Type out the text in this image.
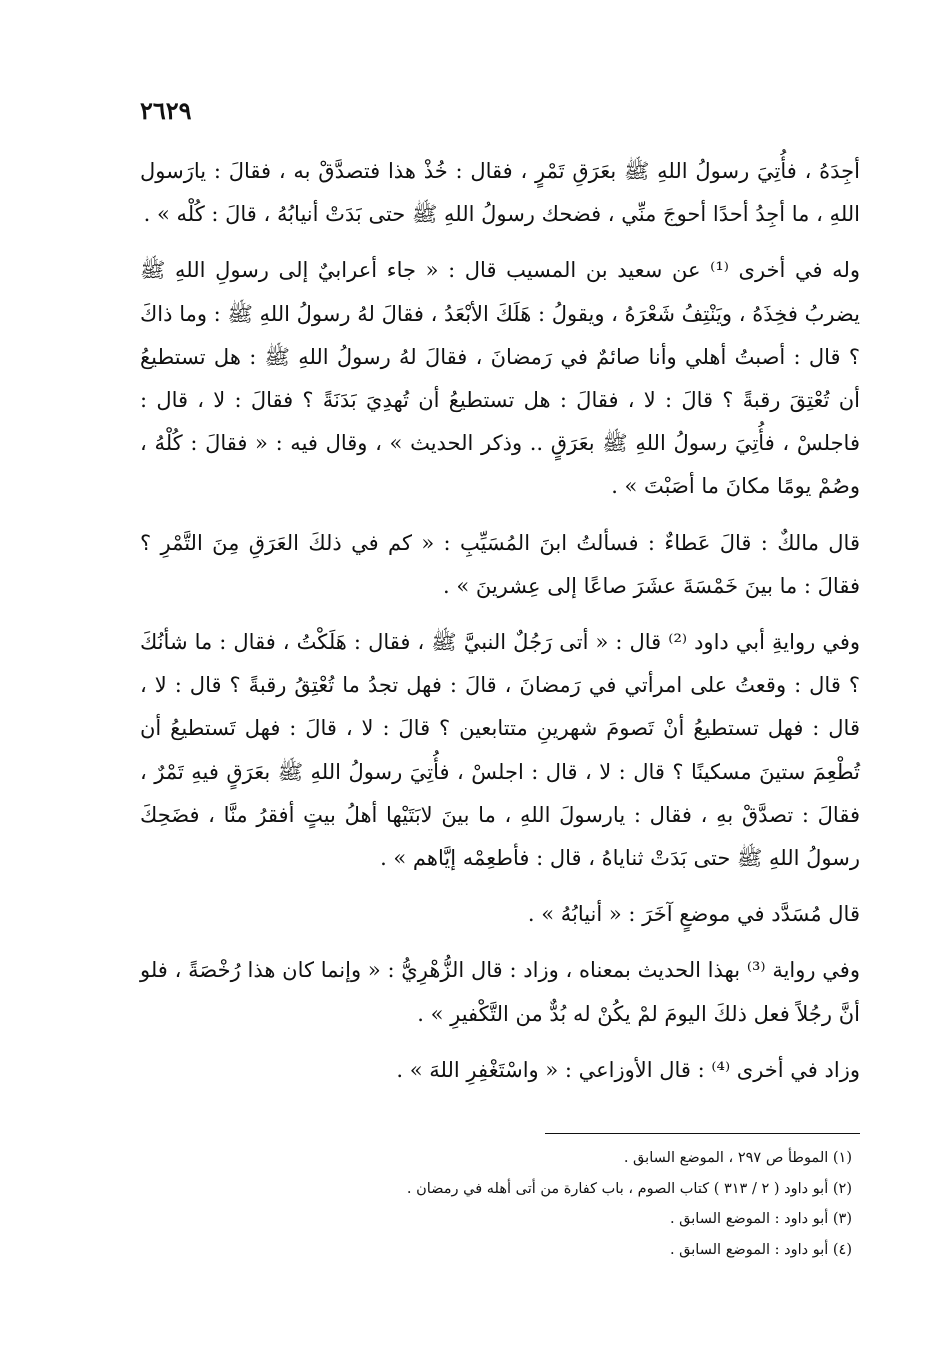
٢٦٢٩

أجِدَهُ ، فأُتِيَ رسولُ اللهِ ﷺ بعَرَقِ تَمْرٍ ، فقال : خُذْ هذا فتصدَّقْ به ، فقالَ : يارَسول اللهِ ، ما أجِدُ أحدًا أحوجَ منِّي ، فضحك رسولُ اللهِ ﷺ حتى بَدَتْ أنيابُهُ ، قالَ : كُلْه » .

وله في أخرى ⁽¹⁾ عن سعيد بن المسيب قال : « جاء أعرابيٌ إلى رسولِ اللهِ ﷺ يضربُ فخِذَهُ ، ويَنْتِفُ شَعْرَهُ ، ويقولُ : هَلَكَ الأبْعَدُ ، فقالَ لهُ رسولُ اللهِ ﷺ : وما ذاكَ ؟ قال : أصبتُ أهلي وأنا صائمٌ في رَمضانَ ، فقالَ لهُ رسولُ اللهِ ﷺ : هل تستطيعُ أن تُعْتِقَ رقبةً ؟ قالَ : لا ، فقالَ : هل تستطيعُ أن تُهدِيَ بَدَنَةً ؟ فقالَ : لا ، قال : فاجلسْ ، فأُتِيَ رسولُ اللهِ ﷺ بعَرَقٍ .. وذكر الحديث » ، وقال فيه : « فقالَ : كُلْهُ ، وصُمْ يومًا مكانَ ما أصَبْتَ » .

قال مالكٌ : قالَ عَطاءٌ : فسألتُ ابنَ المُسَيِّبِ : « كم في ذلكَ العَرَقِ مِنَ التَّمْرِ ؟ فقالَ : ما بينَ خَمْسَةَ عشَرَ صاعًا إلى عِشرينَ » .

وفي روايةِ أبي داود ⁽²⁾ قال : « أتى رَجُلٌ النبيَّ ﷺ ، فقال : هَلَكْتُ ، فقال : ما شأنُكَ ؟ قال : وقعتُ على امرأتي في رَمضانَ ، قالَ : فهل تجدُ ما تُعْتِقُ رقبةً ؟ قال : لا ، قال : فهل تستطيعُ أنْ تَصومَ شهرينِ متتابعين ؟ قالَ : لا ، قالَ : فهل تَستطيعُ أن تُطْعِمَ ستينَ مسكينًا ؟ قال : لا ، قال : اجلسْ ، فأُتِيَ رسولُ اللهِ ﷺ بعَرَقٍ فيهِ تَمْرٌ ، فقالَ : تصدَّقْ بهِ ، فقال : يارسولَ اللهِ ، ما بينَ لابَتَيْها أهلُ بيتٍ أفقرُ منَّا ، فضَحِكَ رسولُ اللهِ ﷺ حتى بَدَتْ ثناياهُ ، قال : فأطعِمْه إيَّاهم » .

قال مُسَدَّد في موضعٍ آخَرَ : « أنيابُهُ » .

وفي رواية ⁽³⁾ بهذا الحديث بمعناه ، وزاد : قال الزُّهْرِيُّ : « وإنما كان هذا رُخْصَةً ، فلو أنَّ رجُلاً فعل ذلكَ اليومَ لمْ يكُنْ له بُدٌّ من التَّكْفيرِ » .

وزاد في أخرى ⁽⁴⁾ : قال الأوزاعي : « واسْتَغْفِرِ اللهَ » .

(١) الموطأ ص ٢٩٧ ، الموضع السابق .

(٢) أبو داود ( ٢ / ٣١٣ ) كتاب الصوم ، باب كفارة من أتى أهله في رمضان .

(٣) أبو داود : الموضع السابق .

(٤) أبو داود : الموضع السابق .
